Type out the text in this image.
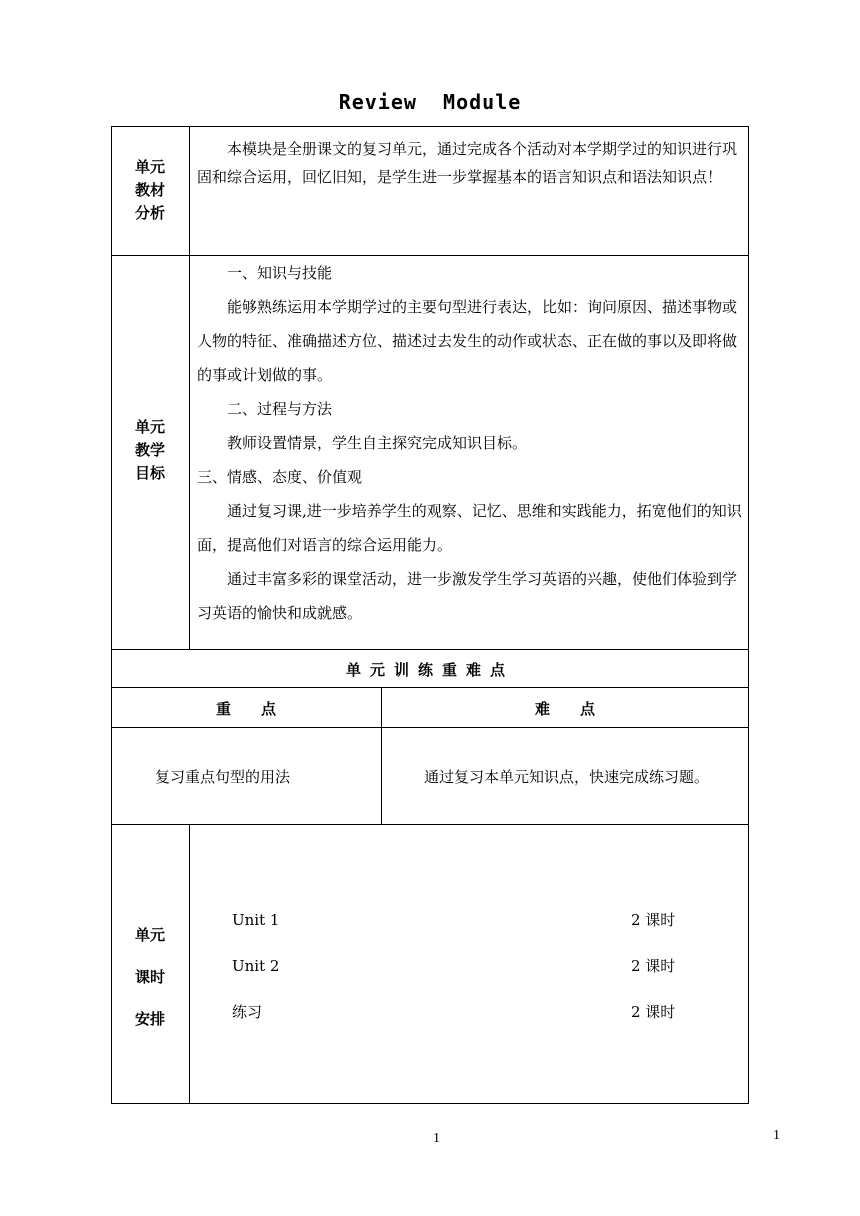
Review  Module
单元
教材
分析

本模块是全册课文的复习单元，通过完成各个活动对本学期学过的知识进行巩固和综合运用，回忆旧知，是学生进一步掌握基本的语言知识点和语法知识点！

单元
教学
目标

一、知识与技能

能够熟练运用本学期学过的主要句型进行表达，比如：询问原因、描述事物或人物的特征、准确描述方位、描述过去发生的动作或状态、正在做的事以及即将做的事或计划做的事。

二、过程与方法

教师设置情景，学生自主探究完成知识目标。

三、情感、态度、价值观

通过复习课,进一步培养学生的观察、记忆、思维和实践能力，拓宽他们的知识面，提高他们对语言的综合运用能力。

通过丰富多彩的课堂活动，进一步激发学生学习英语的兴趣，使他们体验到学习英语的愉快和成就感。

单元训练重难点
重　　点	难　　点
复习重点句型的用法	通过复习本单元知识点，快速完成练习题。
单元
课时
安排
Unit 1	2 课时
Unit 2	2 课时
练习	2 课时
1	1
